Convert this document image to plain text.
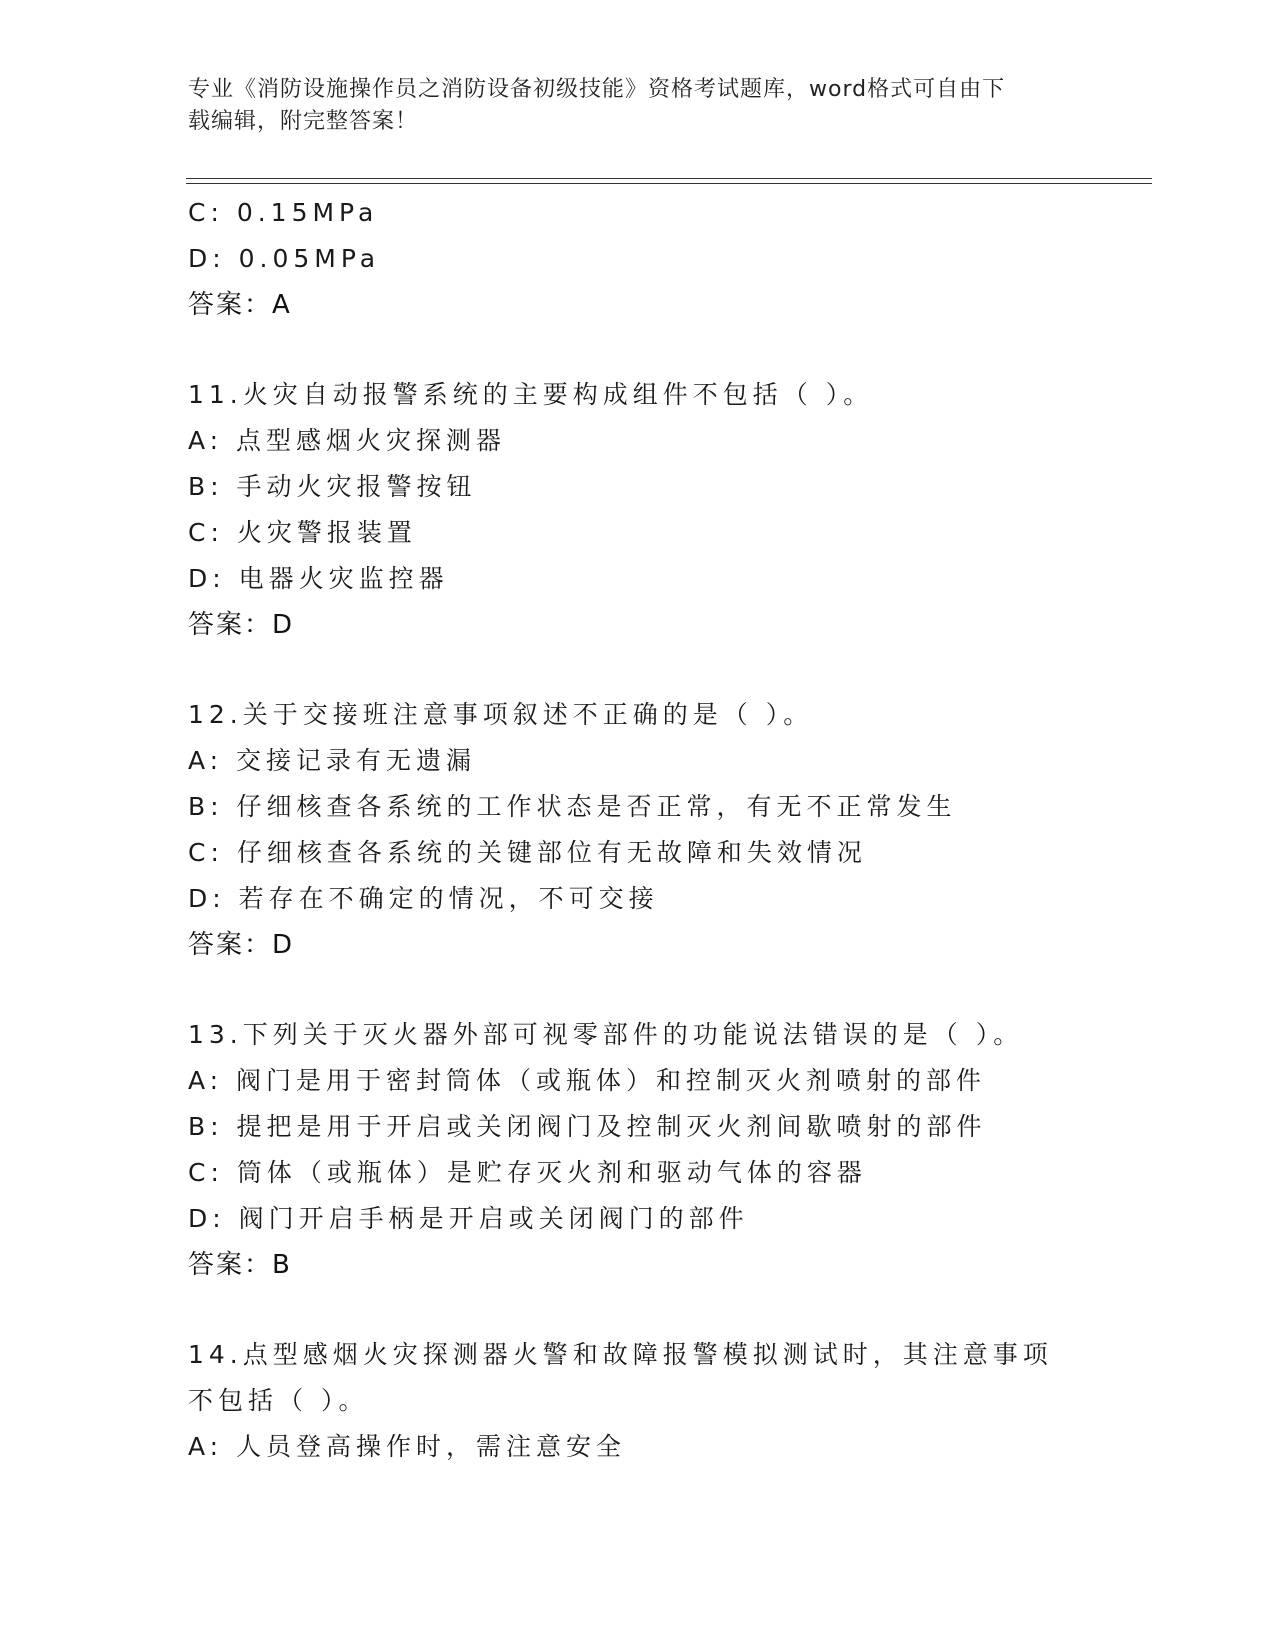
专业《消防设施操作员之消防设备初级技能》资格考试题库，word格式可自由下
载编辑，附完整答案！
C: 0.15MPa
D: 0.05MPa
答案：A
11.火灾自动报警系统的主要构成组件不包括（ ）。
A: 点型感烟火灾探测器
B: 手动火灾报警按钮
C: 火灾警报装置
D: 电器火灾监控器
答案：D
12.关于交接班注意事项叙述不正确的是（ ）。
A: 交接记录有无遗漏
B: 仔细核查各系统的工作状态是否正常，有无不正常发生
C: 仔细核查各系统的关键部位有无故障和失效情况
D: 若存在不确定的情况，不可交接
答案：D
13.下列关于灭火器外部可视零部件的功能说法错误的是（ ）。
A: 阀门是用于密封筒体（或瓶体）和控制灭火剂喷射的部件
B: 提把是用于开启或关闭阀门及控制灭火剂间歇喷射的部件
C: 筒体（或瓶体）是贮存灭火剂和驱动气体的容器
D: 阀门开启手柄是开启或关闭阀门的部件
答案：B
14.点型感烟火灾探测器火警和故障报警模拟测试时，其注意事项不包括（ ）。
A: 人员登高操作时，需注意安全
